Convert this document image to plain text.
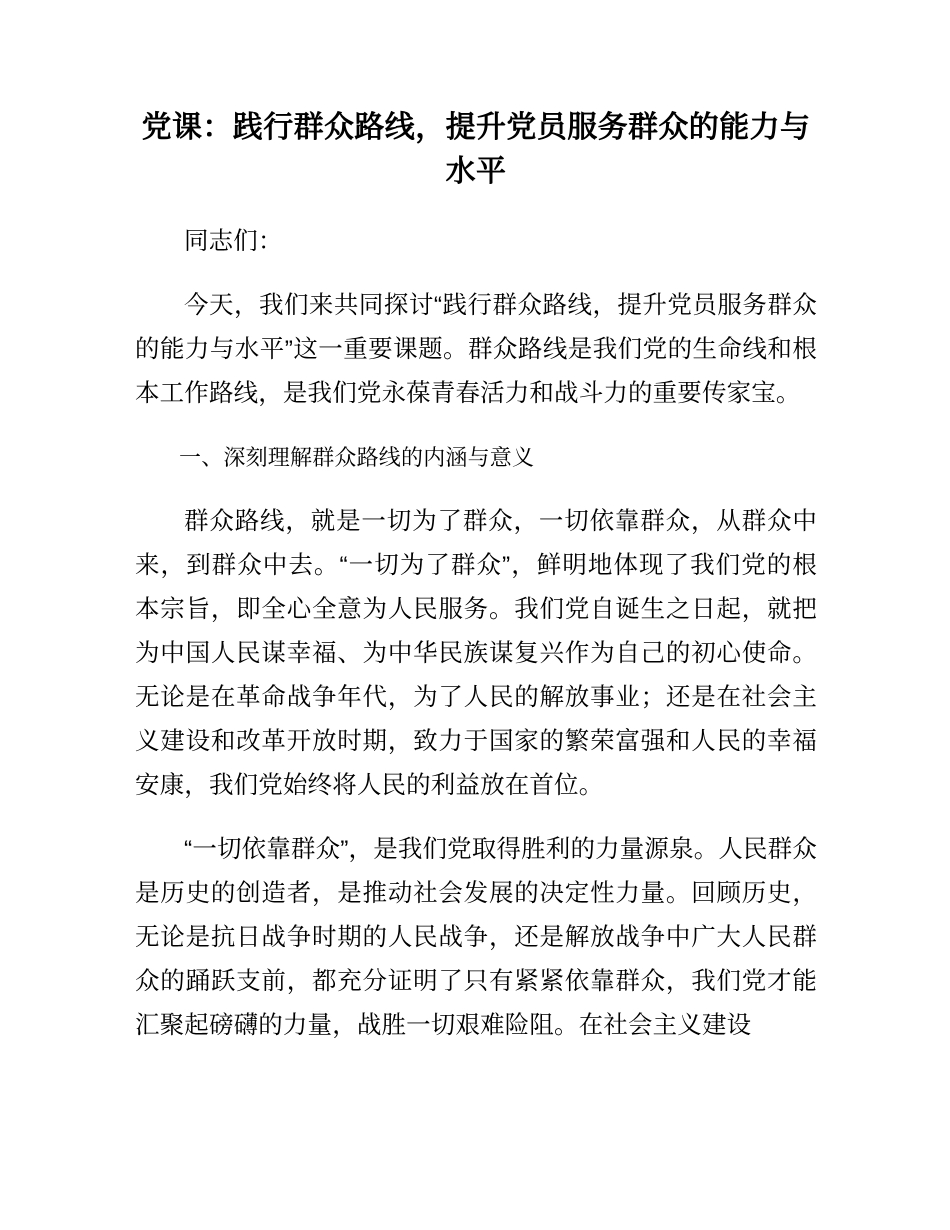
党课：践行群众路线，提升党员服务群众的能力与水平

同志们：

今天，我们来共同探讨“践行群众路线，提升党员服务群众的能力与水平”这一重要课题。群众路线是我们党的生命线和根本工作路线，是我们党永葆青春活力和战斗力的重要传家宝。

一、深刻理解群众路线的内涵与意义

群众路线，就是一切为了群众，一切依靠群众，从群众中来，到群众中去。“一切为了群众”，鲜明地体现了我们党的根本宗旨，即全心全意为人民服务。我们党自诞生之日起，就把为中国人民谋幸福、为中华民族谋复兴作为自己的初心使命。无论是在革命战争年代，为了人民的解放事业；还是在社会主义建设和改革开放时期，致力于国家的繁荣富强和人民的幸福安康，我们党始终将人民的利益放在首位。

“一切依靠群众”，是我们党取得胜利的力量源泉。人民群众是历史的创造者，是推动社会发展的决定性力量。回顾历史，无论是抗日战争时期的人民战争，还是解放战争中广大人民群众的踊跃支前，都充分证明了只有紧紧依靠群众，我们党才能汇聚起磅礴的力量，战胜一切艰难险阻。在社会主义建设
